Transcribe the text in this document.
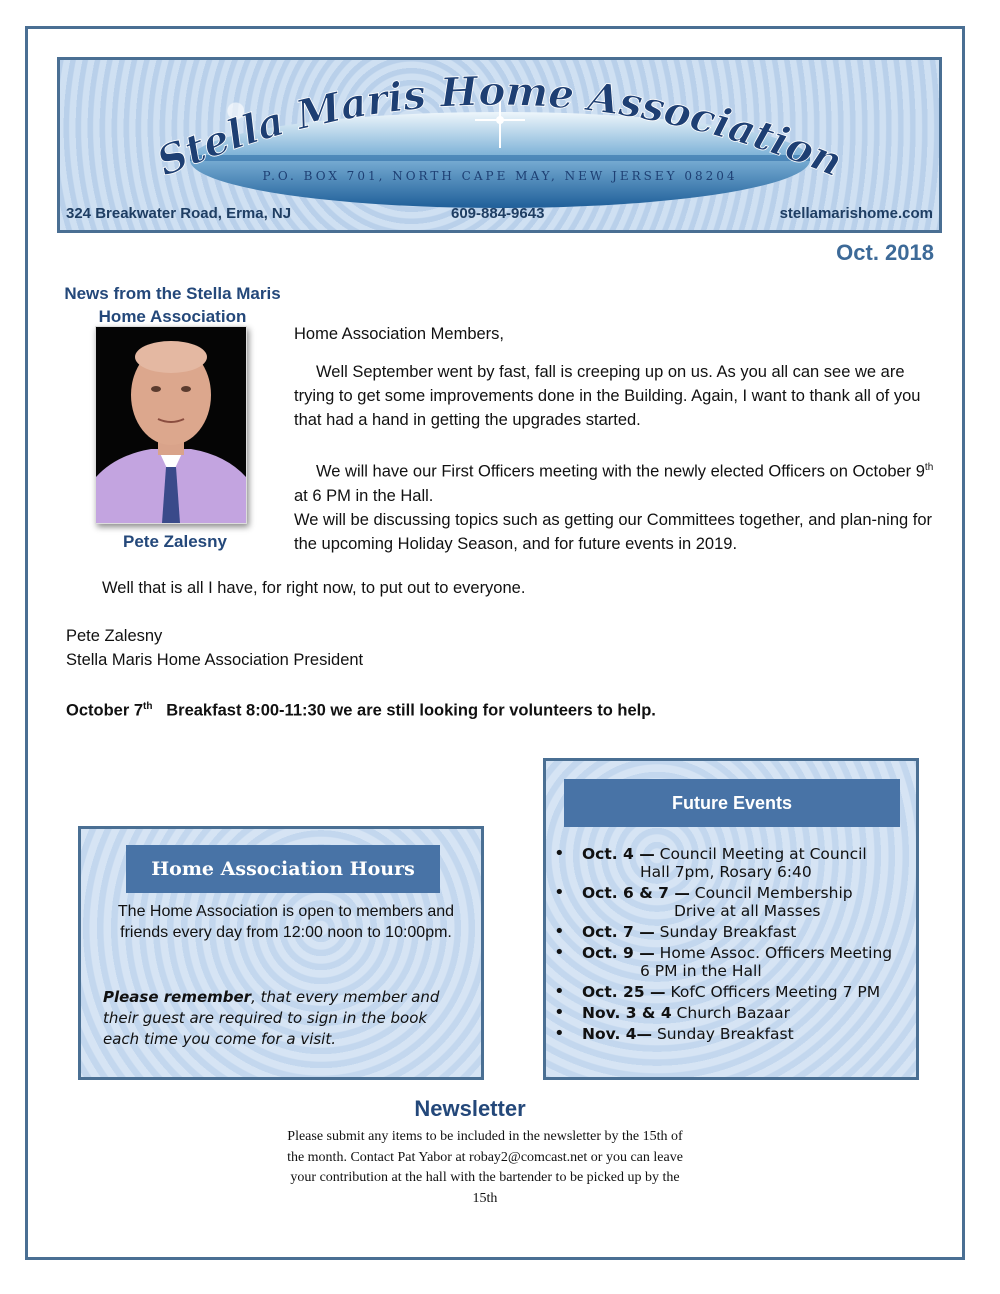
Stella Maris Home Association
P.O. BOX 701, NORTH CAPE MAY, NEW JERSEY 08204
324 Breakwater Road, Erma, NJ	609-884-9643	stellamarishome.com
Oct. 2018
News from the Stella Maris
Home Association
Pete Zalesny

Home Association Members,

Well September went by fast, fall is creeping up on us. As you all can see we are trying to get some improvements done in the Building. Again, I want to thank all of you that had a hand in getting the upgrades started.

We will have our First Officers meeting with the newly elected Officers on October 9th at 6 PM in the Hall.

We will be discussing topics such as getting our Committees together, and plan-ning for the upcoming Holiday Season, and for future events in 2019.

Well that is all I have, for right now, to put out to everyone.
Pete Zalesny
Stella Maris Home Association President
October 7th   Breakfast 8:00-11:30 we are still looking for volunteers to help.
Future Events
• Oct. 4 — Council Meeting at Council
Hall 7pm, Rosary 6:40
• Oct. 6 & 7 — Council Membership
Drive at all Masses
• Oct. 7 — Sunday Breakfast
• Oct. 9 — Home Assoc. Officers Meeting
6 PM in the Hall
• Oct. 25 — KofC Officers Meeting 7 PM
• Nov. 3 & 4 Church Bazaar
• Nov. 4— Sunday Breakfast
Home Association Hours
The Home Association is open to members and friends every day from 12:00 noon to 10:00pm.
Please remember, that every member and their guest are required to sign in the book each time you come for a visit.
Newsletter
Please submit any items to be included in the newsletter by the 15th of the month. Contact Pat Yabor at robay2@comcast.net or you can leave your contribution at the hall with the bartender to be picked up by the 15th
